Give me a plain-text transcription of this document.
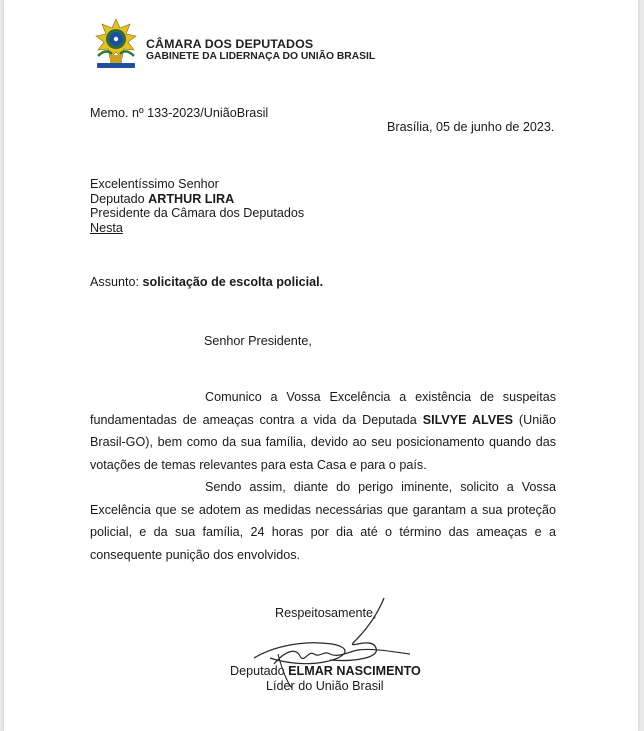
CÂMARA DOS DEPUTADOS
GABINETE DA LIDERNAÇA DO UNIÃO BRASIL
Memo. nº 133-2023/UniãoBrasil
Brasília, 05 de junho de 2023.
Excelentíssimo Senhor
Deputado ARTHUR LIRA
Presidente da Câmara dos Deputados
Nesta
Assunto: solicitação de escolta policial.
Senhor Presidente,
Comunico a Vossa Excelência a existência de suspeitas
fundamentadas de ameaças contra a vida da Deputada SILVYE ALVES (União
Brasil-GO), bem como da sua família, devido ao seu posicionamento quando das
votações de temas relevantes para esta Casa e para o país.
Sendo assim, diante do perigo iminente, solicito a Vossa
Excelência que se adotem as medidas necessárias que garantam a sua proteção
policial, e da sua família, 24 horas por dia até o término das ameaças e a
consequente punição dos envolvidos.
Respeitosamente,
Deputado ELMAR NASCIMENTO
Líder do União Brasil
